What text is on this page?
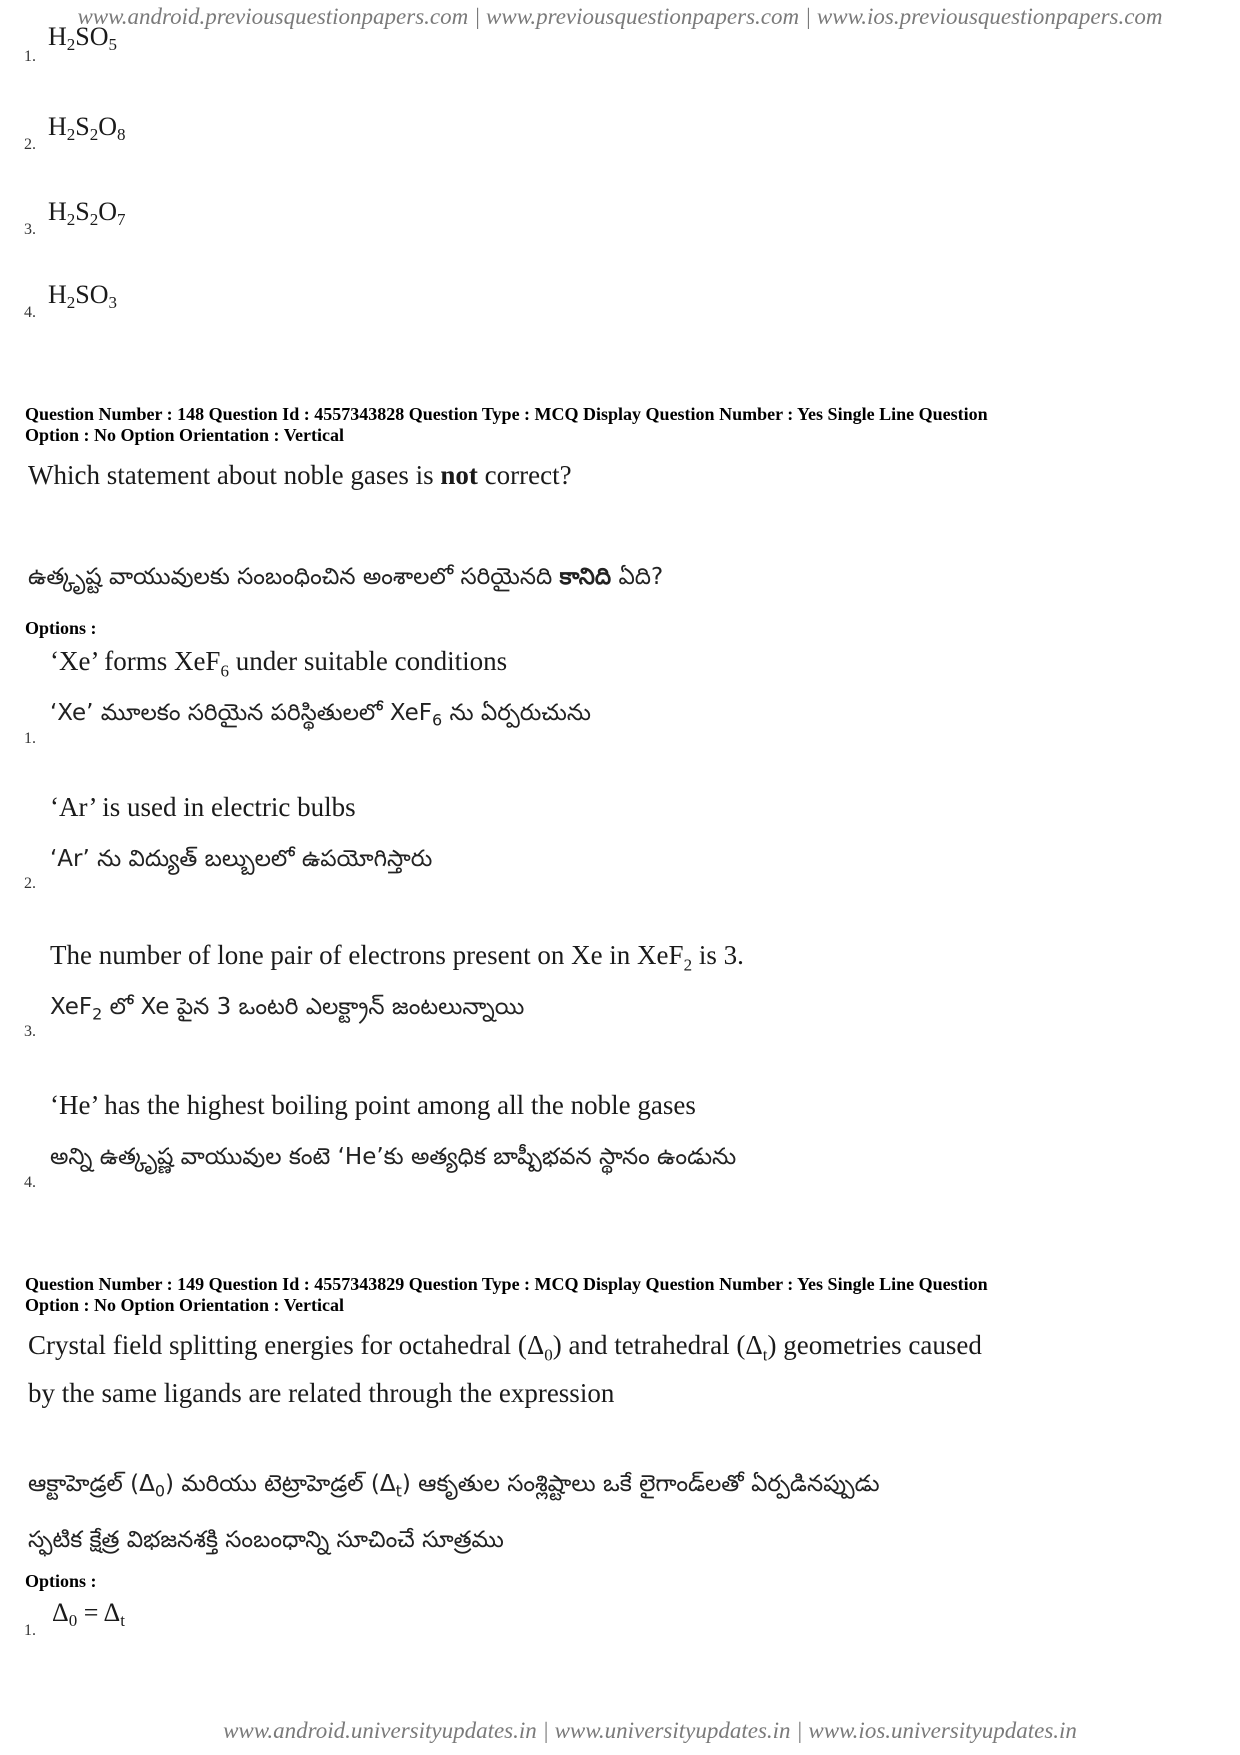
www.android.previousquestionpapers.com | www.previousquestionpapers.com | www.ios.previousquestionpapers.com
1.
$H_2SO_5$
2.
$H_2S_2O_8$
3.
$H_2S_2O_7$
4.
$H_2SO_3$
Question Number : 148 Question Id : 4557343828 Question Type : MCQ Display Question Number : Yes Single Line Question
Option : No Option Orientation : Vertical
Which statement about noble gases is not correct?
ఉత్కృష్ట వాయువులకు సంబంధించిన అంశాలలో సరియైనది కానిది ఏది?
Options :
‘Xe’ forms XeF$_6$ under suitable conditions
‘Xe’ మూలకం సరియైన పరిస్థితులలో XeF$_6$ ను ఏర్పరుచును
1.
‘Ar’ is used in electric bulbs
‘Ar’ ను విద్యుత్ బల్బులలో ఉపయోగిస్తారు
2.
The number of lone pair of electrons present on Xe in XeF$_2$ is 3.
XeF$_2$ లో Xe పైన 3 ఒంటరి ఎలక్ట్రాన్ జంటలున్నాయి
3.
‘He’ has the highest boiling point among all the noble gases
అన్ని ఉత్కృష్ణ వాయువుల కంటె ‘He’కు అత్యధిక బాష్పీభవన స్థానం ఉండును
4.
Question Number : 149 Question Id : 4557343829 Question Type : MCQ Display Question Number : Yes Single Line Question
Option : No Option Orientation : Vertical
Crystal field splitting energies for octahedral $(\Delta_0)$ and tetrahedral $(\Delta_t)$ geometries caused
by the same ligands are related through the expression
ఆక్టాహెడ్రల్ $(\Delta_0)$ మరియు టెట్రాహెడ్రల్ $(\Delta_t)$ ఆకృతుల సంశ్లిష్టాలు ఒకే లైగాండ్‌లతో ఏర్పడినప్పుడు
స్ఫటిక క్షేత్ర విభజనశక్తి సంబంధాన్ని సూచించే సూత్రము
Options :
1.
$\Delta_0 = \Delta_t$
www.android.universityupdates.in | www.universityupdates.in | www.ios.universityupdates.in
